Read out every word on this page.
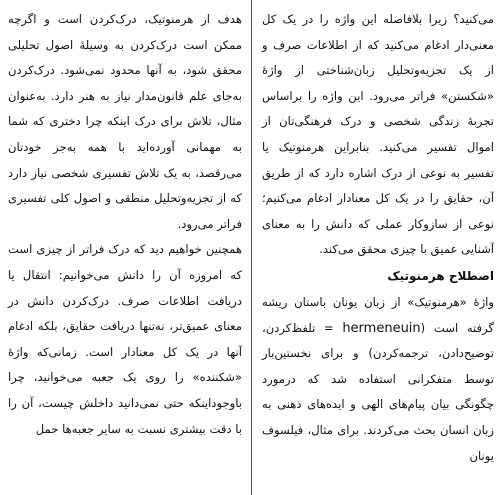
می‌کنید؟ زیرا بلافاصله این واژه را در یک کل معنی‌دار ادغام می‌کنید که از اطلاعات صرف و از یک تجزیه‌وتحلیل زبان‌شناختی از واژهٔ «شکستن» فراتر می‌رود. این واژه را براساس تجربهٔ زندگی شخصی و درک فرهنگی‌تان از اموال تفسیر می‌کنید. بنابراین هرمنوتیک یا تفسیر به نوعی از درک اشاره دارد که از طریق آن، حقایق را در یک کل معنادار ادغام می‌کنیم؛ نوعی از سازوکار عملی که دانش را به معنای آشنایی عمیق با چیزی محقق می‌کند.

اصطلاح هرمنوتیک

واژهٔ «هرمنوتیک» از زبان یونان باستان ریشه گرفته است (hermeneuin = تلفظ‌کردن، توضیح‌دادن، ترجمه‌کردن) و برای نخستین‌بار توسط متفکرانی استفاده شد که درمورد چگونگی بیان پیام‌های الهی و ایده‌های ذهنی به زبان انسان بحث می‌کردند. برای مثال، فیلسوف یونان

هدف از هرمنوتیک، درک‌کردن است و اگرچه ممکن است درک‌کردن به وسیلهٔ اصول تحلیلی محقق شود، به آنها محدود نمی‌شود. درک‌کردن به‌جای علم قانون‌مدار نیاز به هنر دارد. به‌عنوان مثال، تلاش برای درک اینکه چرا دختری که شما به مهمانی آورده‌اید با همه به‌جز خودتان می‌رقصد، به یک تلاش تفسیری شخصی نیاز دارد که از تجزیه‌وتحلیل منطقی و اصول کلی تفسیری فراتر می‌رود.

همچنین خواهیم دید که درک فراتر از چیزی است که امروزه آن را دانش می‌خوانیم: انتقال یا دریافت اطلاعات صرف. درک‌کردن دانش در معنای عمیق‌تر، نه‌تنها دریافت حقایق، بلکه ادغام آنها در یک کل معنادار است. زمانی‌که واژهٔ «شکننده» را روی یک جعبه می‌خوانید، چرا باوجوداینکه حتی نمی‌دانید داخلش چیست، آن را با دقت بیشتری نسبت به سایر جعبه‌ها حمل
